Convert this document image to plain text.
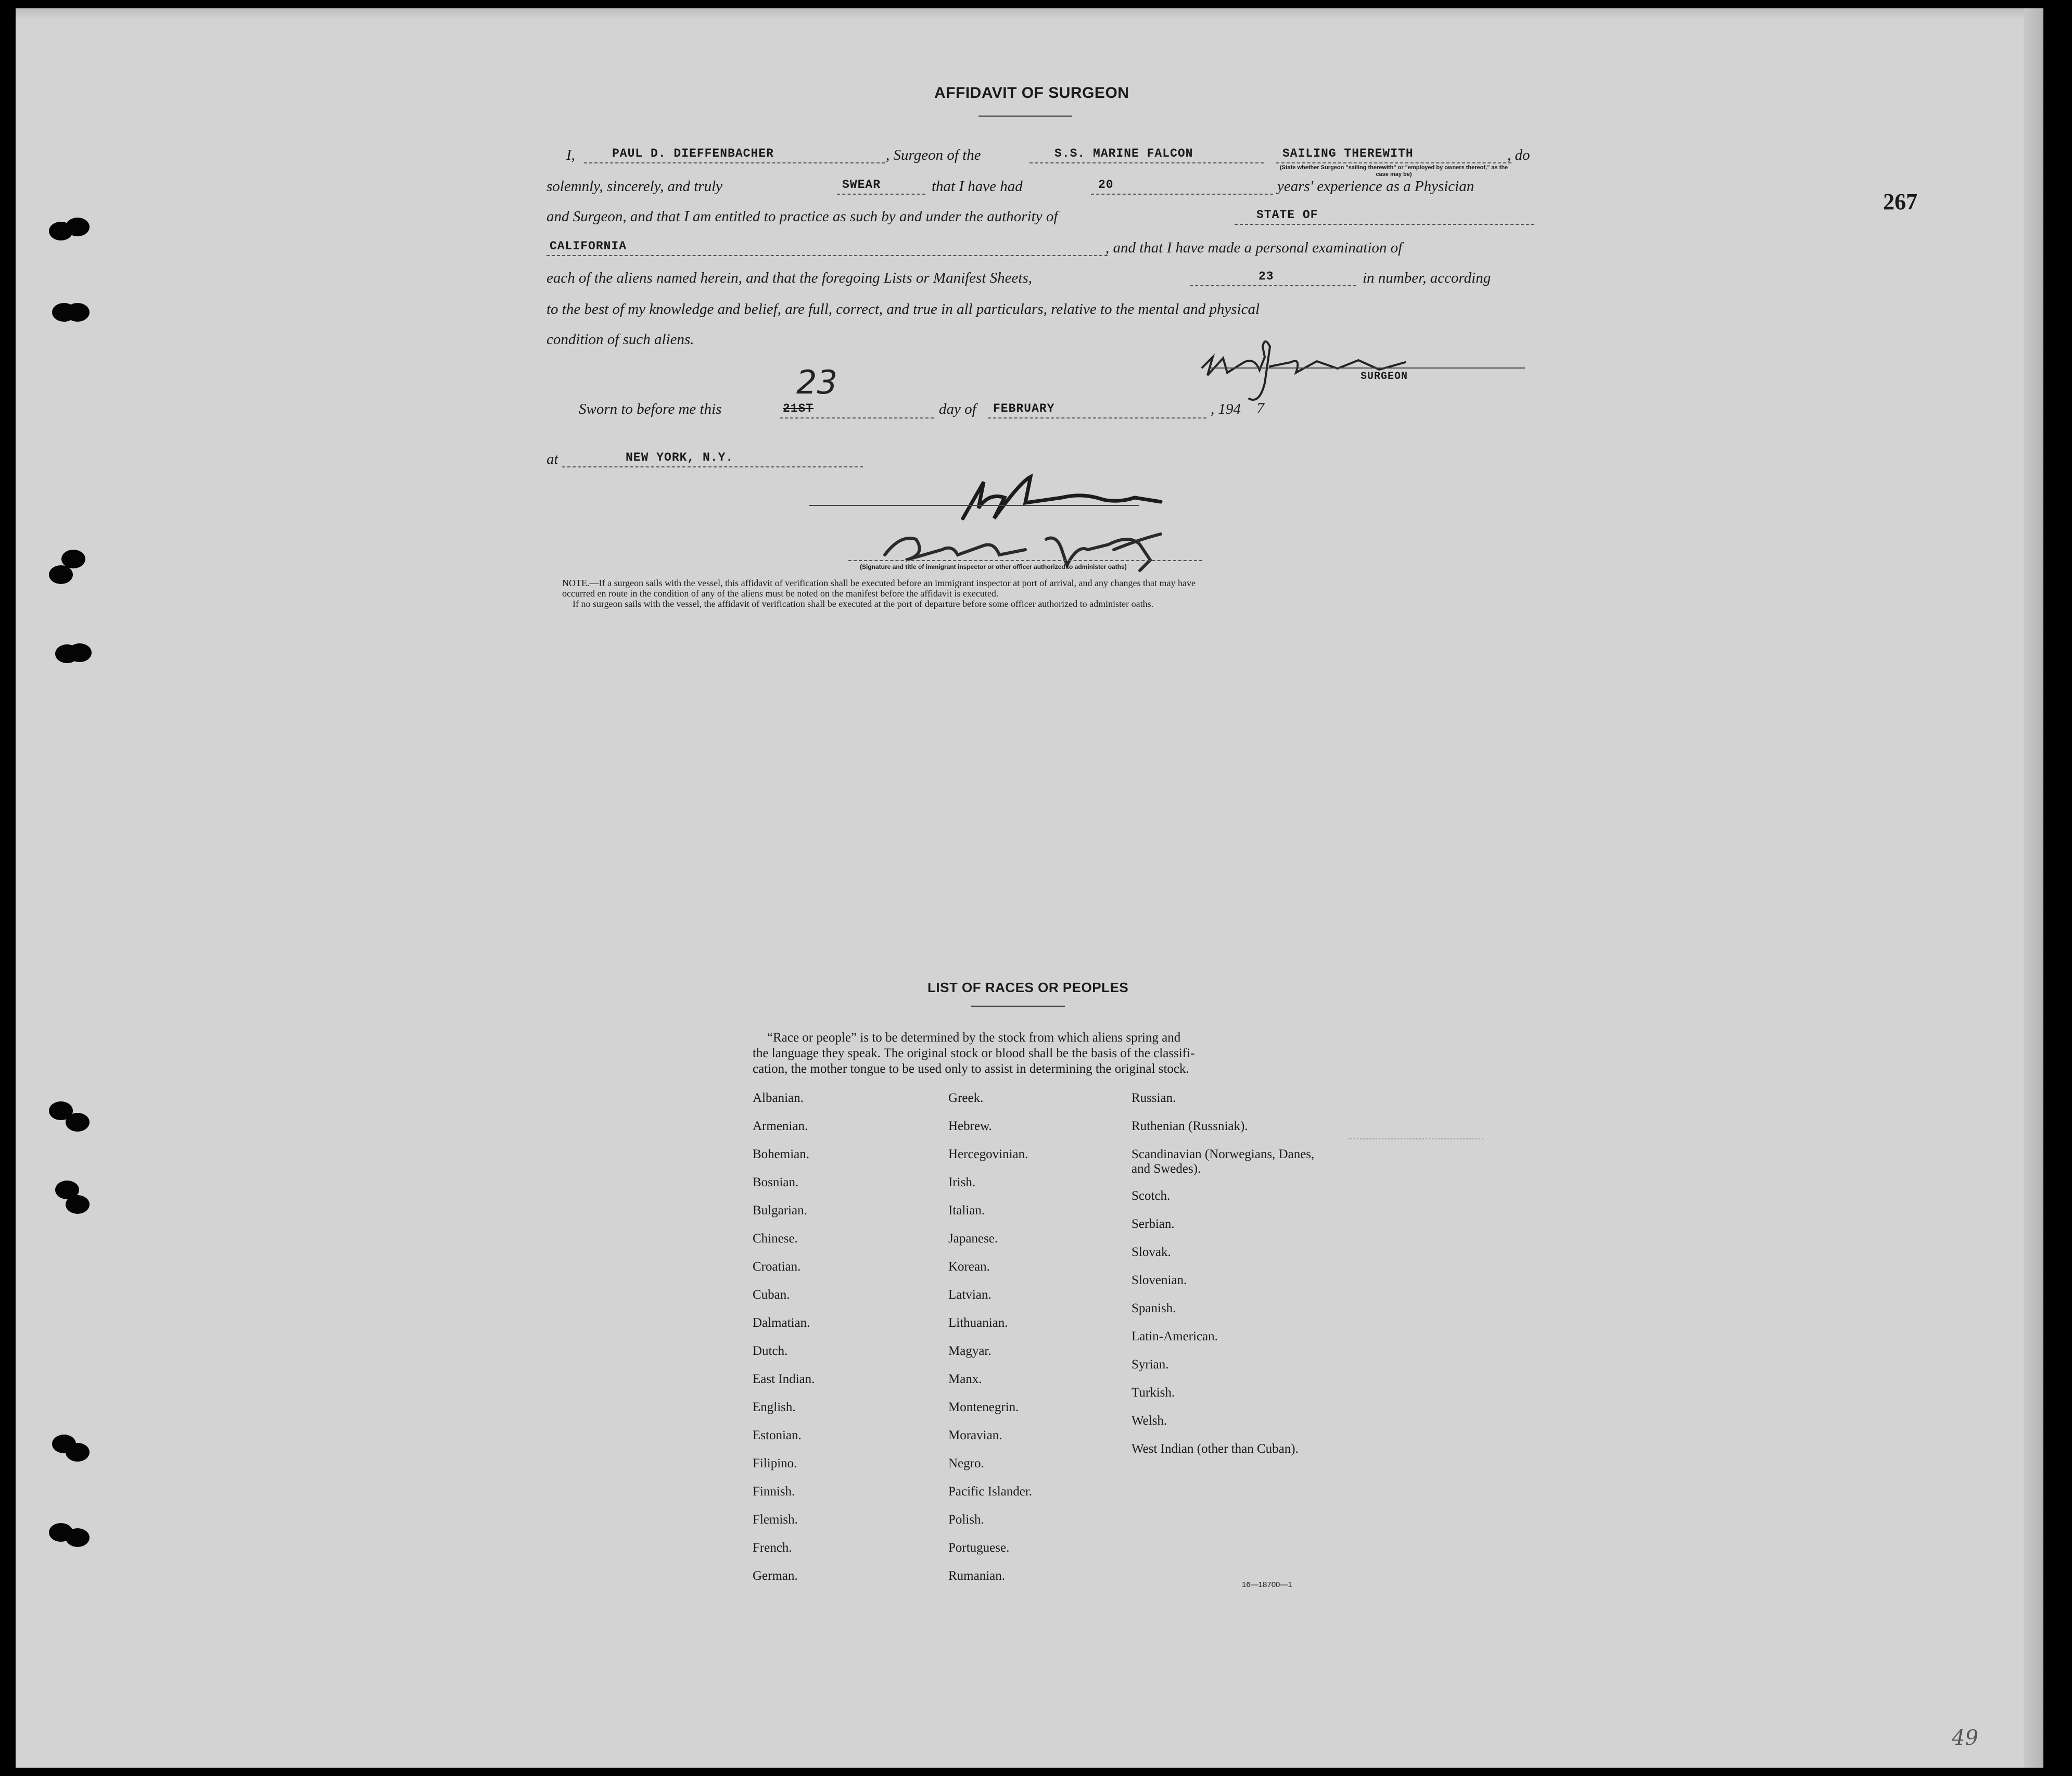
267
AFFIDAVIT OF SURGEON
I,	PAUL D. DIEFFENBACHER	, Surgeon of the	S.S. MARINE FALCON	SAILING THEREWITH	, do
(State whether Surgeon "sailing therewith" or "employed by owners thereof," as the case may be)
solemnly, sincerely, and truly	SWEAR	that I have had	20	years' experience as a Physician
and Surgeon, and that I am entitled to practice as such by and under the authority of	STATE OF
CALIFORNIA	, and that I have made a personal examination of
each of the aliens named herein, and that the foregoing Lists or Manifest Sheets,	23	in number, according
to the best of my knowledge and belief, are full, correct, and true in all particulars, relative to the mental and physical
condition of such aliens.
SURGEON
Sworn to before me this	21ST
23
day of FEBRUARY	, 194 7
at	NEW YORK, N.Y.
(Signature and title of immigrant inspector or other officer authorized to administer oaths)
NOTE.—If a surgeon sails with the vessel, this affidavit of verification shall be executed before an immigrant inspector at port of arrival, and any changes that may have
occurred en route in the condition of any of the aliens must be noted on the manifest before the affidavit is executed.
If no surgeon sails with the vessel, the affidavit of verification shall be executed at the port of departure before some officer authorized to administer oaths.
LIST OF RACES OR PEOPLES
“Race or people” is to be determined by the stock from which aliens spring and
the language they speak. The original stock or blood shall be the basis of the classifi-
cation, the mother tongue to be used only to assist in determining the original stock.
Albanian.
Armenian.
Bohemian.
Bosnian.
Bulgarian.
Chinese.
Croatian.
Cuban.
Dalmatian.
Dutch.
East Indian.
English.
Estonian.
Filipino.
Finnish.
Flemish.
French.
German.
Greek.
Hebrew.
Hercegovinian.
Irish.
Italian.
Japanese.
Korean.
Latvian.
Lithuanian.
Magyar.
Manx.
Montenegrin.
Moravian.
Negro.
Pacific Islander.
Polish.
Portuguese.
Rumanian.
Russian.
Ruthenian (Russniak).
Scandinavian (Norwegians, Danes, and Swedes).
Scotch.
Serbian.
Slovak.
Slovenian.
Spanish.
Latin-American.
Syrian.
Turkish.
Welsh.
West Indian (other than Cuban).
16—18700—1
49
